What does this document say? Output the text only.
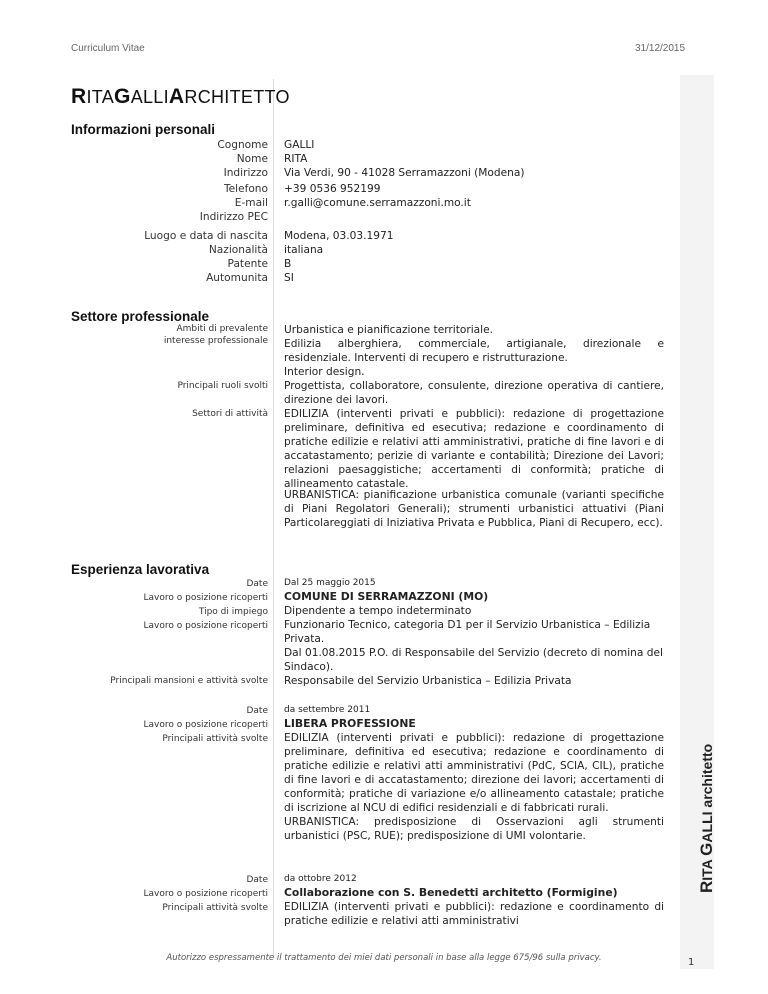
Curriculum Vitae	31/12/2015
RITA GALLI architetto
RITAGALLIARCHITETTO
Informazioni personali
Cognome
Nome
Indirizzo
GALLI
RITA
Via Verdi, 90 - 41028 Serramazzoni (Modena)
Telefono
E-mail
Indirizzo PEC
+39 0536 952199
r.galli@comune.serramazzoni.mo.it
Luogo e data di nascita
Nazionalità
Patente
Automunita
Modena, 03.03.1971
italiana
B
SI
Settore professionale
Ambiti di prevalente
interesse professionale
Urbanistica e pianificazione territoriale.
Edilizia alberghiera, commerciale, artigianale, direzionale e residenziale. Interventi di recupero e ristrutturazione.
Interior design.
Principali ruoli svolti Progettista, collaboratore, consulente, direzione operativa di cantiere, direzione dei lavori.
Settori di attività EDILIZIA (interventi privati e pubblici): redazione di progettazione preliminare, definitiva ed esecutiva; redazione e coordinamento di pratiche edilizie e relativi atti amministrativi, pratiche di fine lavori e di accatastamento; perizie di variante e contabilità; Direzione dei Lavori; relazioni paesaggistiche; accertamenti di conformità; pratiche di allineamento catastale.
URBANISTICA: pianificazione urbanistica comunale (varianti specifiche di Piani Regolatori Generali); strumenti urbanistici attuativi (Piani Particolareggiati di Iniziativa Privata e Pubblica, Piani di Recupero, ecc).
Esperienza lavorativa
Date
Lavoro o posizione ricoperti
Tipo di impiego
Lavoro o posizione ricoperti
Dal 25 maggio 2015
COMUNE DI SERRAMAZZONI (MO)
Dipendente a tempo indeterminato
Funzionario Tecnico, categoria D1 per il Servizio Urbanistica – Edilizia Privata.
Dal 01.08.2015 P.O. di Responsabile del Servizio (decreto di nomina del Sindaco).
Responsabile del Servizio Urbanistica – Edilizia Privata
Principali mansioni e attività svolte
Date
Lavoro o posizione ricoperti
Principali attività svolte
da settembre 2011
LIBERA PROFESSIONE
EDILIZIA (interventi privati e pubblici): redazione di progettazione preliminare, definitiva ed esecutiva; redazione e coordinamento di pratiche edilizie e relativi atti amministrativi (PdC, SCIA, CIL), pratiche di fine lavori e di accatastamento; direzione dei lavori; accertamenti di conformità; pratiche di variazione e/o allineamento catastale; pratiche di iscrizione al NCU di edifici residenziali e di fabbricati rurali.
URBANISTICA: predisposizione di Osservazioni agli strumenti urbanistici (PSC, RUE); predisposizione di UMI volontarie.
Date
Lavoro o posizione ricoperti
Principali attività svolte
da ottobre 2012
Collaborazione con S. Benedetti architetto (Formigine)
EDILIZIA (interventi privati e pubblici): redazione e coordinamento di pratiche edilizie e relativi atti amministrativi
Autorizzo espressamente il trattamento dei miei dati personali in base alla legge 675/96 sulla privacy.	1
